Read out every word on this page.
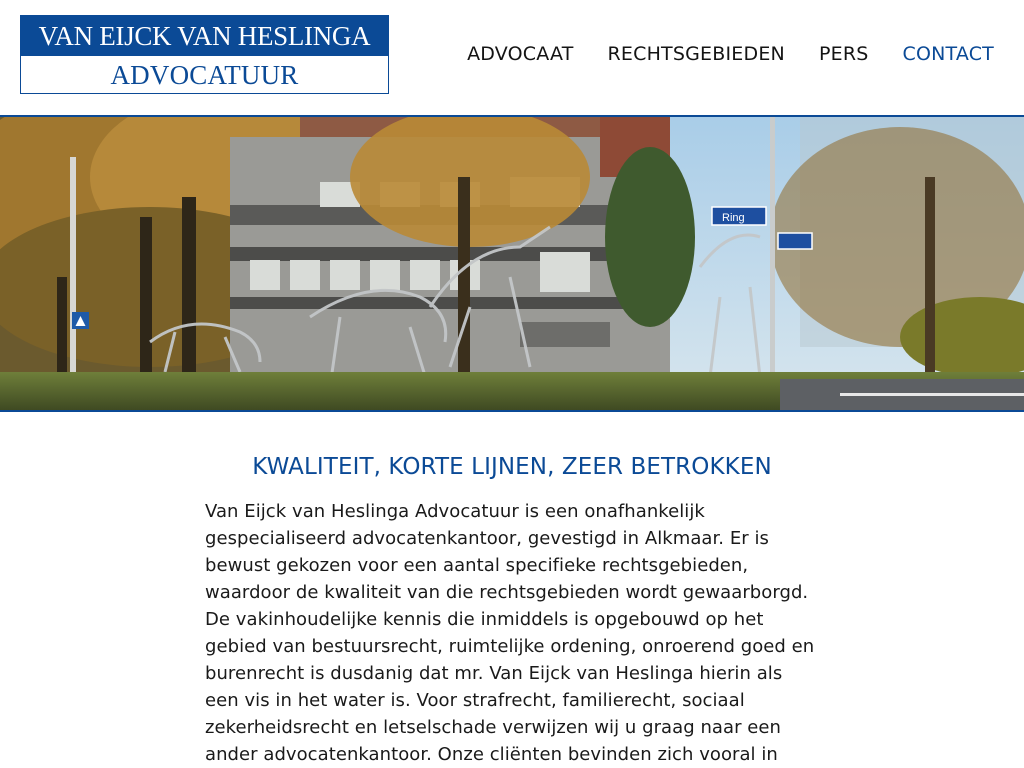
VAN EIJCK VAN HESLINGA
ADVOCATUUR
ADVOCAAT RECHTSGEBIEDEN PERS CONTACT
Ring
KWALITEIT, KORTE LIJNEN, ZEER BETROKKEN

Van Eijck van Heslinga Advocatuur is een onafhankelijk gespecialiseerd advocatenkantoor, gevestigd in Alkmaar. Er is bewust gekozen voor een aantal specifieke rechtsgebieden, waardoor de kwaliteit van die rechtsgebieden wordt gewaarborgd. De vakinhoudelijke kennis die inmiddels is opgebouwd op het gebied van bestuursrecht, ruimtelijke ordening, onroerend goed en burenrecht is dusdanig dat mr. Van Eijck van Heslinga hierin als een vis in het water is. Voor strafrecht, familierecht, sociaal zekerheidsrecht en letselschade verwijzen wij u graag naar een ander advocatenkantoor. Onze cliënten bevinden zich vooral in
